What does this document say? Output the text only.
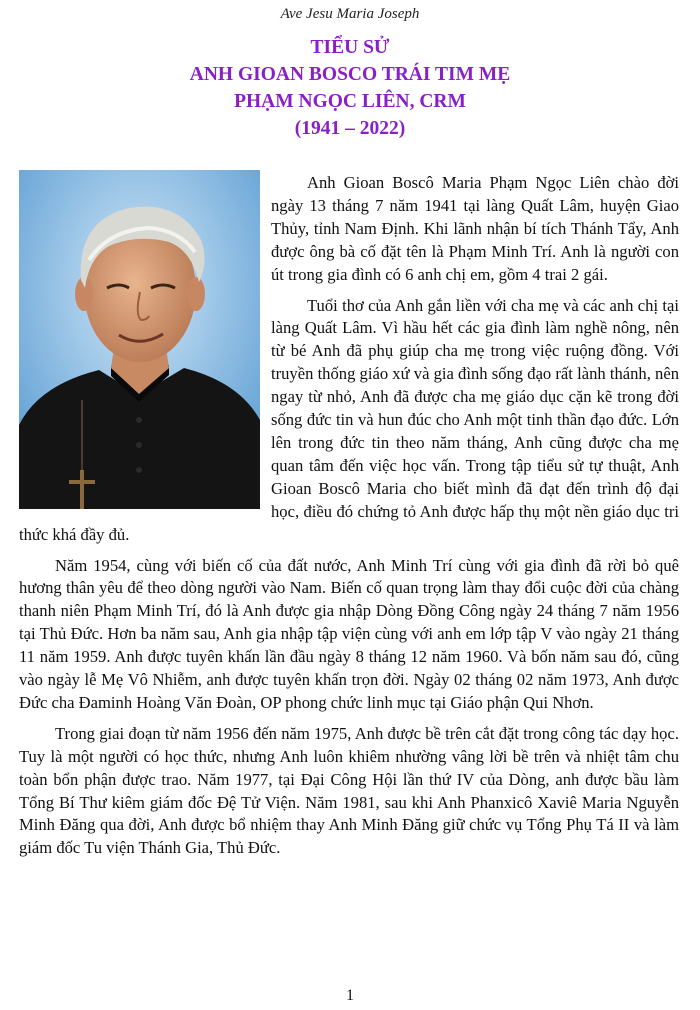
Ave Jesu Maria Joseph
TIỂU SỬ
ANH GIOAN BOSCO TRÁI TIM MẸ
PHẠM NGỌC LIÊN, CRM
(1941 – 2022)

Anh Gioan Boscô Maria Phạm Ngọc Liên chào đời ngày 13 tháng 7 năm 1941 tại làng Quất Lâm, huyện Giao Thủy, tỉnh Nam Định. Khi lãnh nhận bí tích Thánh Tẩy, Anh được ông bà cố đặt tên là Phạm Minh Trí. Anh là người con út trong gia đình có 6 anh chị em, gồm 4 trai 2 gái.

Tuổi thơ của Anh gắn liền với cha mẹ và các anh chị tại làng Quất Lâm. Vì hầu hết các gia đình làm nghề nông, nên từ bé Anh đã phụ giúp cha mẹ trong việc ruộng đồng. Với truyền thống giáo xứ và gia đình sống đạo rất lành thánh, nên ngay từ nhỏ, Anh đã được cha mẹ giáo dục cặn kẽ trong đời sống đức tin và hun đúc cho Anh một tinh thần đạo đức. Lớn lên trong đức tin theo năm tháng, Anh cũng được cha mẹ quan tâm đến việc học vấn. Trong tập tiểu sử tự thuật, Anh Gioan Boscô Maria cho biết mình đã đạt đến trình độ đại học, điều đó chứng tỏ Anh được hấp thụ một nền giáo dục tri thức khá đầy đủ.

Năm 1954, cùng với biến cố của đất nước, Anh Minh Trí cùng với gia đình đã rời bỏ quê hương thân yêu để theo dòng người vào Nam. Biến cố quan trọng làm thay đổi cuộc đời của chàng thanh niên Phạm Minh Trí, đó là Anh được gia nhập Dòng Đồng Công ngày 24 tháng 7 năm 1956 tại Thủ Đức. Hơn ba năm sau, Anh gia nhập tập viện cùng với anh em lớp tập V vào ngày 21 tháng 11 năm 1959. Anh được tuyên khấn lần đầu ngày 8 tháng 12 năm 1960. Và bốn năm sau đó, cũng vào ngày lễ Mẹ Vô Nhiễm, anh được tuyên khấn trọn đời. Ngày 02 tháng 02 năm 1973, Anh được Đức cha Đaminh Hoàng Văn Đoàn, OP phong chức linh mục tại Giáo phận Qui Nhơn.

Trong giai đoạn từ năm 1956 đến năm 1975, Anh được bề trên cắt đặt trong công tác dạy học. Tuy là một người có học thức, nhưng Anh luôn khiêm nhường vâng lời bề trên và nhiệt tâm chu toàn bổn phận được trao. Năm 1977, tại Đại Công Hội lần thứ IV của Dòng, anh được bầu làm Tổng Bí Thư kiêm giám đốc Đệ Tử Viện. Năm 1981, sau khi Anh Phanxicô Xaviê Maria Nguyễn Minh Đăng qua đời, Anh được bổ nhiệm thay Anh Minh Đăng giữ chức vụ Tổng Phụ Tá II và làm giám đốc Tu viện Thánh Gia, Thủ Đức.

1
